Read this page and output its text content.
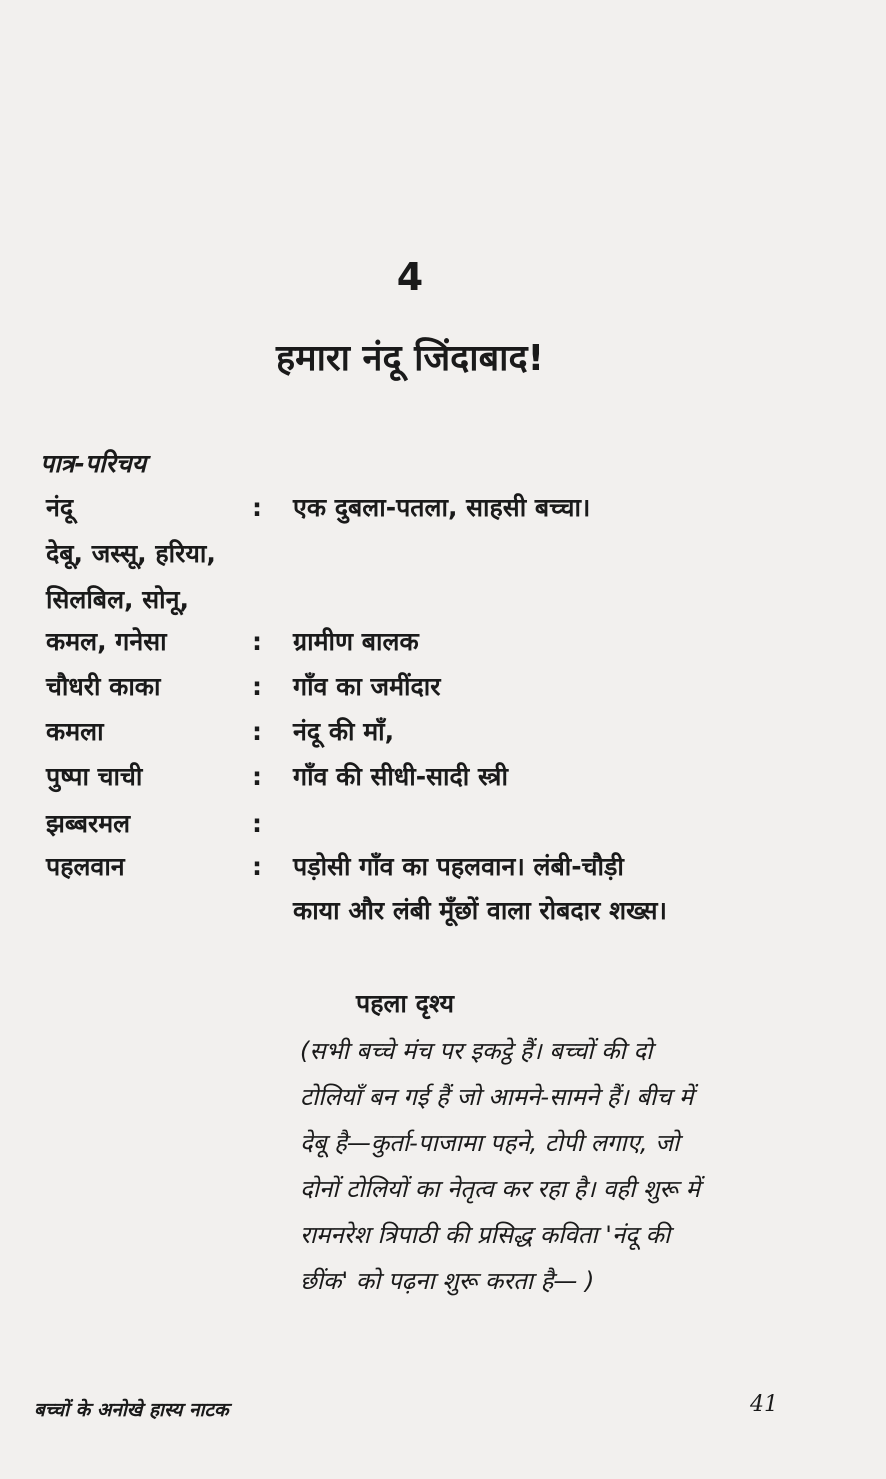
4
हमारा नंदू जिंदाबाद!
पात्र-परिचय
नंदू	: एक दुबला-पतला, साहसी बच्चा।
देबू, जस्सू, हरिया,
सिलबिल, सोनू,
कमल, गनेसा	: ग्रामीण बालक
चौधरी काका	: गाँव का जमींदार
कमला	: नंदू की माँ,
पुष्पा चाची	: गाँव की सीधी-सादी स्त्री
झब्बरमल	:
पहलवान	: पड़ोसी गाँव का पहलवान। लंबी-चौड़ी
काया और लंबी मूँछों वाला रोबदार शख्स।
पहला दृश्य
(सभी बच्चे मंच पर इकट्ठे हैं। बच्चों की दो
टोलियाँ बन गई हैं जो आमने-सामने हैं। बीच में
देबू है—कुर्ता-पाजामा पहने, टोपी लगाए, जो
दोनों टोलियों का नेतृत्व कर रहा है। वही शुरू में
रामनरेश त्रिपाठी की प्रसिद्ध कविता 'नंदू की
छींक' को पढ़ना शुरू करता है— )
बच्चों के अनोखे हास्य नाटक	41
